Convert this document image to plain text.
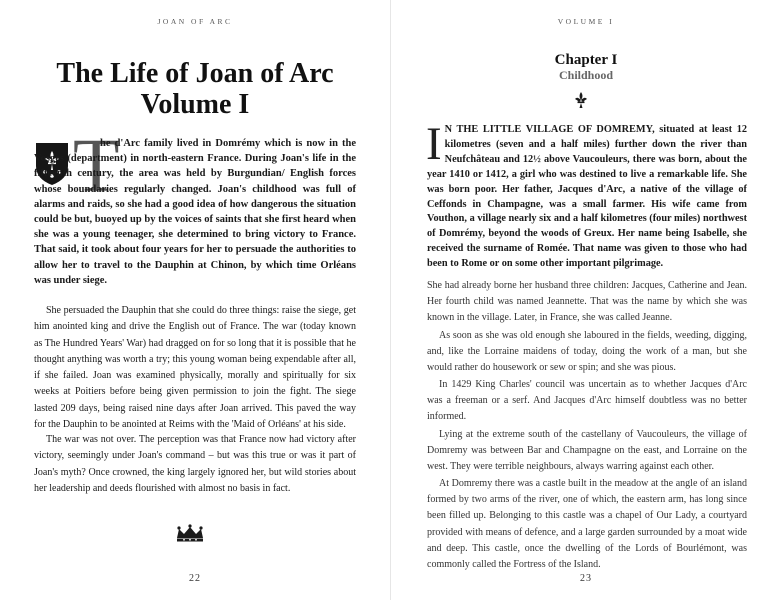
JOAN OF ARC
The Life of Joan of Arc
Volume I
T

he d'Arc family lived in Domrémy which is now in the Vosges (department) in north-eastern France. During Joan's life in the fifteenth century, the area was held by Burgundian/ English forces whose boundaries regularly changed. Joan's childhood was full of alarms and raids, so she had a good idea of how dangerous the situation could be but, buoyed up by the voices of saints that she first heard when she was a young teenager, she determined to bring victory to France. That said, it took about four years for her to persuade the authorities to allow her to travel to the Dauphin at Chinon, by which time Orléans was under siege.

She persuaded the Dauphin that she could do three things: raise the siege, get him anointed king and drive the English out of France. The war (today known as The Hundred Years' War) had dragged on for so long that it is possible that he thought anything was worth a try; this young woman being expendable after all, if she failed. Joan was examined physically, morally and spiritually for six weeks at Poitiers before being given permission to join the fight. The siege lasted 209 days, being raised nine days after Joan arrived. This paved the way for the Dauphin to be anointed at Reims with the 'Maid of Orléans' at his side.

The war was not over. The perception was that France now had victory after victory, seemingly under Joan's command – but was this true or was it part of Joan's myth? Once crowned, the king largely ignored her, but wild stories about her leadership and deeds flourished with almost no basis in fact.

22
VOLUME I
Chapter I
Childhood

I N THE LITTLE VILLAGE OF DOMREMY, situated at least 12 kilometres (seven and a half miles) further down the river than Neufchâteau and 12½ above Vaucouleurs, there was born, about the year 1410 or 1412, a girl who was destined to live a remarkable life. She was born poor. Her father, Jacques d'Arc, a native of the village of Ceffonds in Champagne, was a small farmer. His wife came from Vouthon, a village nearly six and a half kilometres (four miles) northwest of Domrémy, beyond the woods of Greux. Her name being Isabelle, she received the surname of Romée. That name was given to those who had been to Rome or on some other important pilgrimage.

She had already borne her husband three children: Jacques, Catherine and Jean. Her fourth child was named Jeannette. That was the name by which she was known in the village. Later, in France, she was called Jeanne.

As soon as she was old enough she laboured in the fields, weeding, digging, and, like the Lorraine maidens of today, doing the work of a man, but she would rather do housework or sew or spin; and she was pious.

In 1429 King Charles' council was uncertain as to whether Jacques d'Arc was a freeman or a serf. And Jacques d'Arc himself doubtless was no better informed.

Lying at the extreme south of the castellany of Vaucouleurs, the village of Domremy was between Bar and Champagne on the east, and Lorraine on the west. They were terrible neighbours, always warring against each other.

At Domremy there was a castle built in the meadow at the angle of an island formed by two arms of the river, one of which, the eastern arm, has long since been filled up. Belonging to this castle was a chapel of Our Lady, a courtyard provided with means of defence, and a large garden surrounded by a moat wide and deep. This castle, once the dwelling of the Lords of Bourlémont, was commonly called the Fortress of the Island.

23
